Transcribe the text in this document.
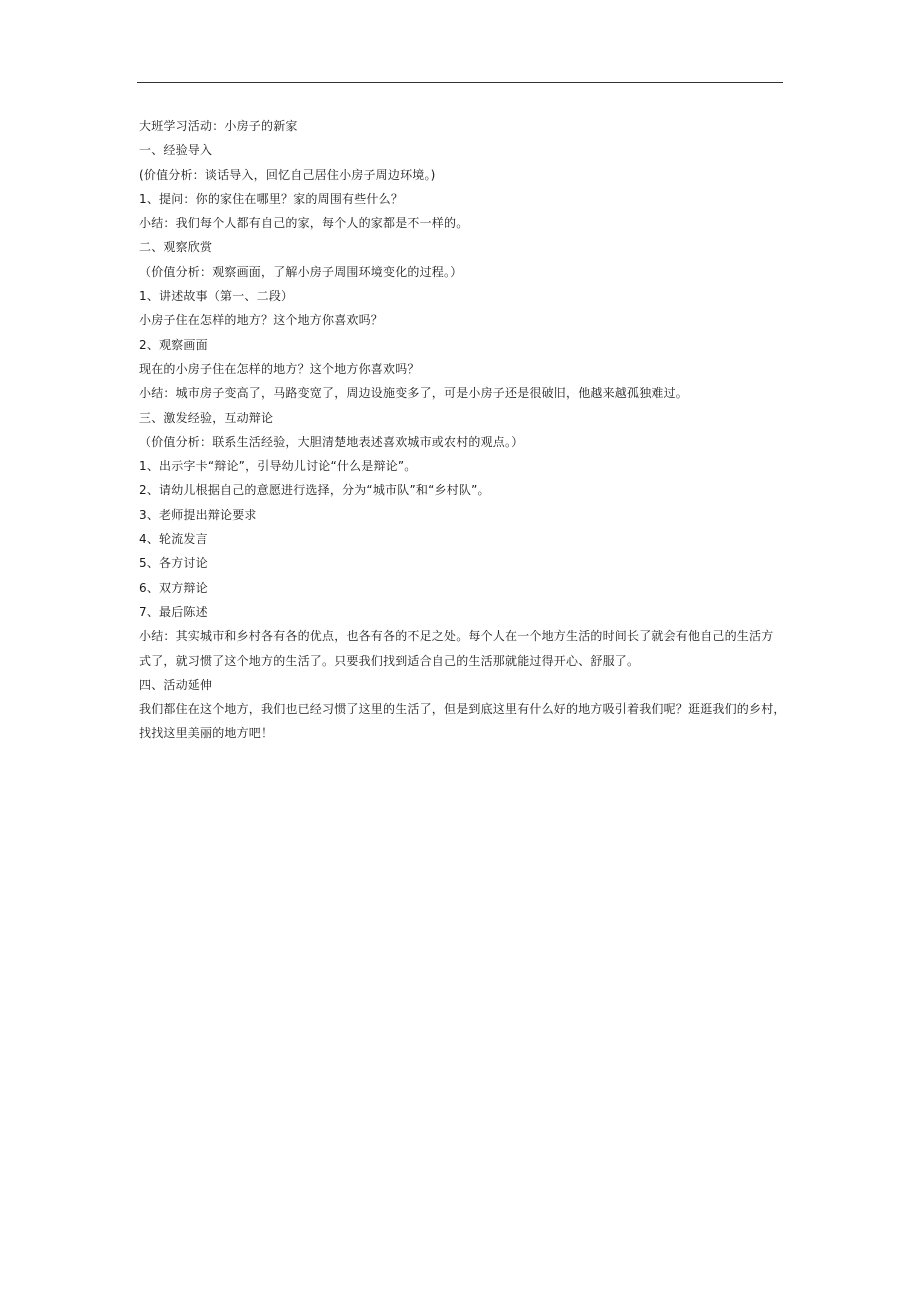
大班学习活动：小房子的新家
一、经验导入
(价值分析：谈话导入，回忆自己居住小房子周边环境。)
1、提问：你的家住在哪里？家的周围有些什么？
小结：我们每个人都有自己的家，每个人的家都是不一样的。
二、观察欣赏
（价值分析：观察画面，了解小房子周围环境变化的过程。）
1、讲述故事（第一、二段）
小房子住在怎样的地方？这个地方你喜欢吗？
2、观察画面
现在的小房子住在怎样的地方？这个地方你喜欢吗？
小结：城市房子变高了，马路变宽了，周边设施变多了，可是小房子还是很破旧，他越来越孤独难过。
三、激发经验，互动辩论
（价值分析：联系生活经验，大胆清楚地表述喜欢城市或农村的观点。）
1、出示字卡“辩论”，引导幼儿讨论“什么是辩论”。
2、请幼儿根据自己的意愿进行选择，分为“城市队”和“乡村队”。
3、老师提出辩论要求
4、轮流发言
5、各方讨论
6、双方辩论
7、最后陈述
小结：其实城市和乡村各有各的优点，也各有各的不足之处。每个人在一个地方生活的时间长了就会有他自己的生活方
式了，就习惯了这个地方的生活了。只要我们找到适合自己的生活那就能过得开心、舒服了。
四、活动延伸
我们都住在这个地方，我们也已经习惯了这里的生活了，但是到底这里有什么好的地方吸引着我们呢？逛逛我们的乡村，
找找这里美丽的地方吧！
